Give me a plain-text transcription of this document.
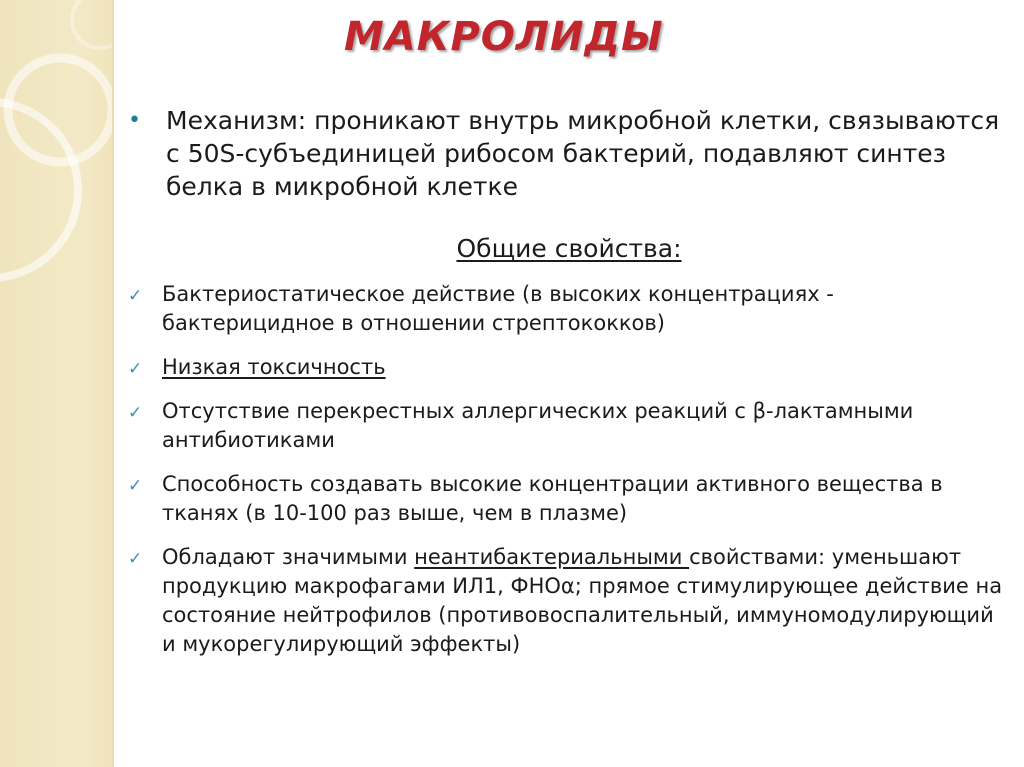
МАКРОЛИДЫ
• Механизм: проникают внутрь микробной клетки, связываются с 50S-субъединицей рибосом бактерий, подавляют синтез белка в микробной клетке
Общие свойства:
✓ Бактериостатическое действие (в высоких концентрациях - бактерицидное в отношении стрептококков)
✓ Низкая токсичность
✓ Отсутствие перекрестных аллергических реакций с β-лактамными антибиотиками
✓ Способность создавать высокие концентрации активного вещества в тканях (в 10-100 раз выше, чем в плазме)
✓ Обладают значимыми неантибактериальными свойствами: уменьшают продукцию макрофагами ИЛ1, ФНОα; прямое стимулирующее действие на состояние нейтрофилов (противовоспалительный, иммуномодулирующий и мукорегулирующий эффекты)
